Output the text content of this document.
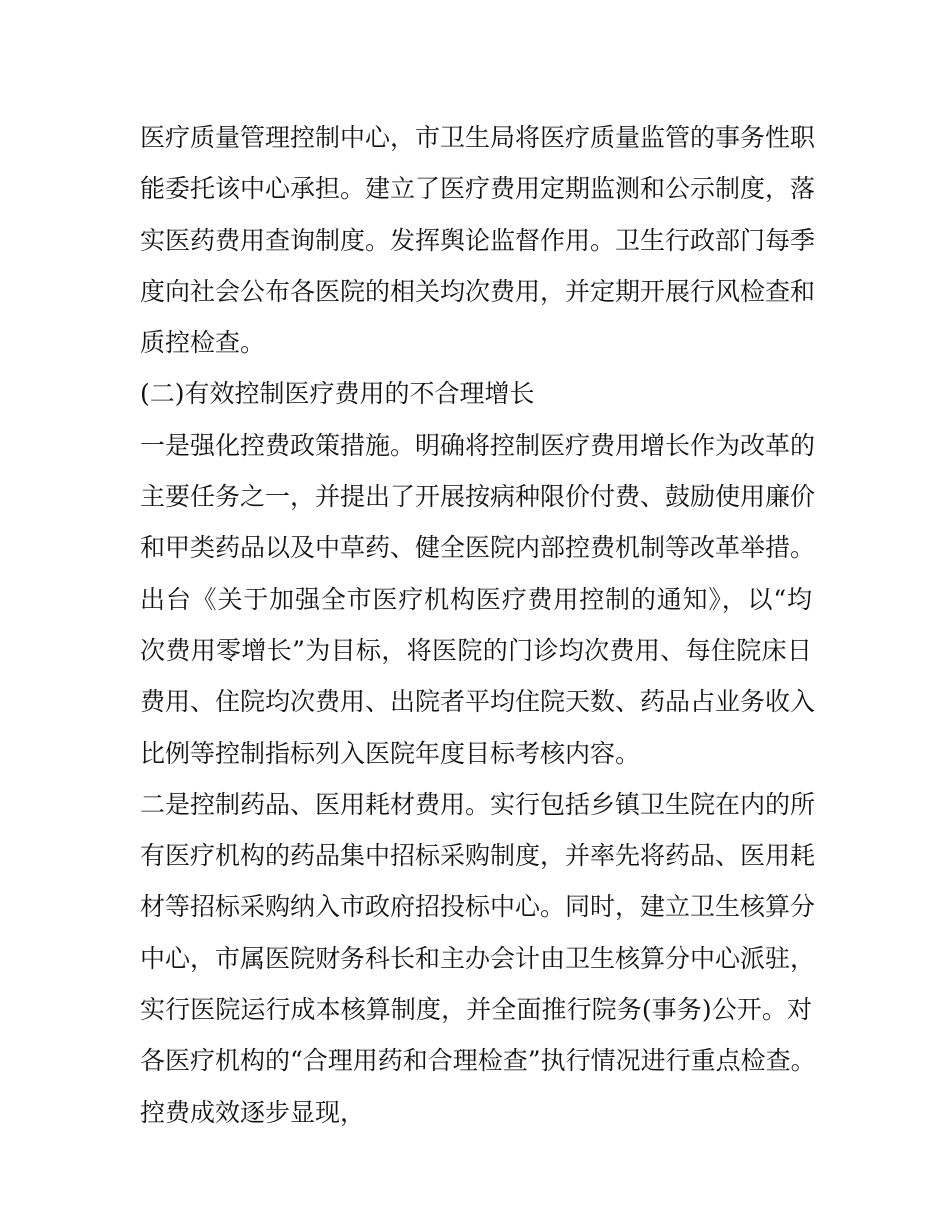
医疗质量管理控制中心，市卫生局将医疗质量监管的事务性职
能委托该中心承担。建立了医疗费用定期监测和公示制度，落
实医药费用查询制度。发挥舆论监督作用。卫生行政部门每季
度向社会公布各医院的相关均次费用，并定期开展行风检查和
质控检查。
(二)有效控制医疗费用的不合理增长
一是强化控费政策措施。明确将控制医疗费用增长作为改革的
主要任务之一，并提出了开展按病种限价付费、鼓励使用廉价
和甲类药品以及中草药、健全医院内部控费机制等改革举措。
出台《关于加强全市医疗机构医疗费用控制的通知》，以“均
次费用零增长”为目标，将医院的门诊均次费用、每住院床日
费用、住院均次费用、出院者平均住院天数、药品占业务收入
比例等控制指标列入医院年度目标考核内容。
二是控制药品、医用耗材费用。实行包括乡镇卫生院在内的所
有医疗机构的药品集中招标采购制度，并率先将药品、医用耗
材等招标采购纳入市政府招投标中心。同时，建立卫生核算分
中心，市属医院财务科长和主办会计由卫生核算分中心派驻，
实行医院运行成本核算制度，并全面推行院务(事务)公开。对
各医疗机构的“合理用药和合理检查”执行情况进行重点检查。
控费成效逐步显现，
